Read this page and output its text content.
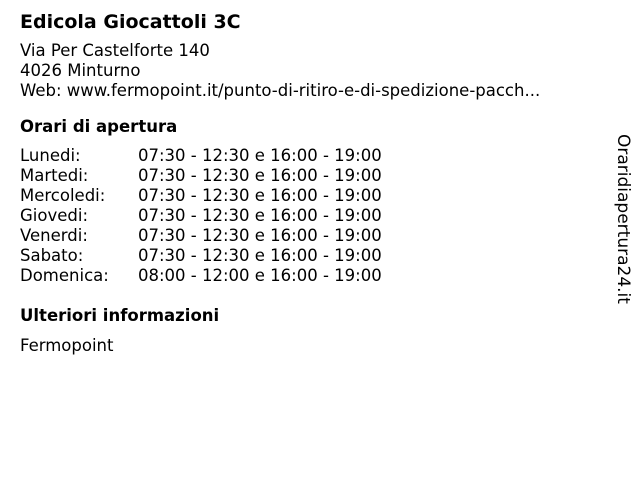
Edicola Giocattoli 3C
Via Per Castelforte 140
4026 Minturno
Web: www.fermopoint.it/punto-di-ritiro-e-di-spedizione-pacch...
Orari di apertura
Lunedi:	07:30 - 12:30 e 16:00 - 19:00
Martedi:	07:30 - 12:30 e 16:00 - 19:00
Mercoledi:	07:30 - 12:30 e 16:00 - 19:00
Giovedi:	07:30 - 12:30 e 16:00 - 19:00
Venerdi:	07:30 - 12:30 e 16:00 - 19:00
Sabato:	07:30 - 12:30 e 16:00 - 19:00
Domenica:	08:00 - 12:00 e 16:00 - 19:00
Ulteriori informazioni
Fermopoint
Oraridiapertura24.it
